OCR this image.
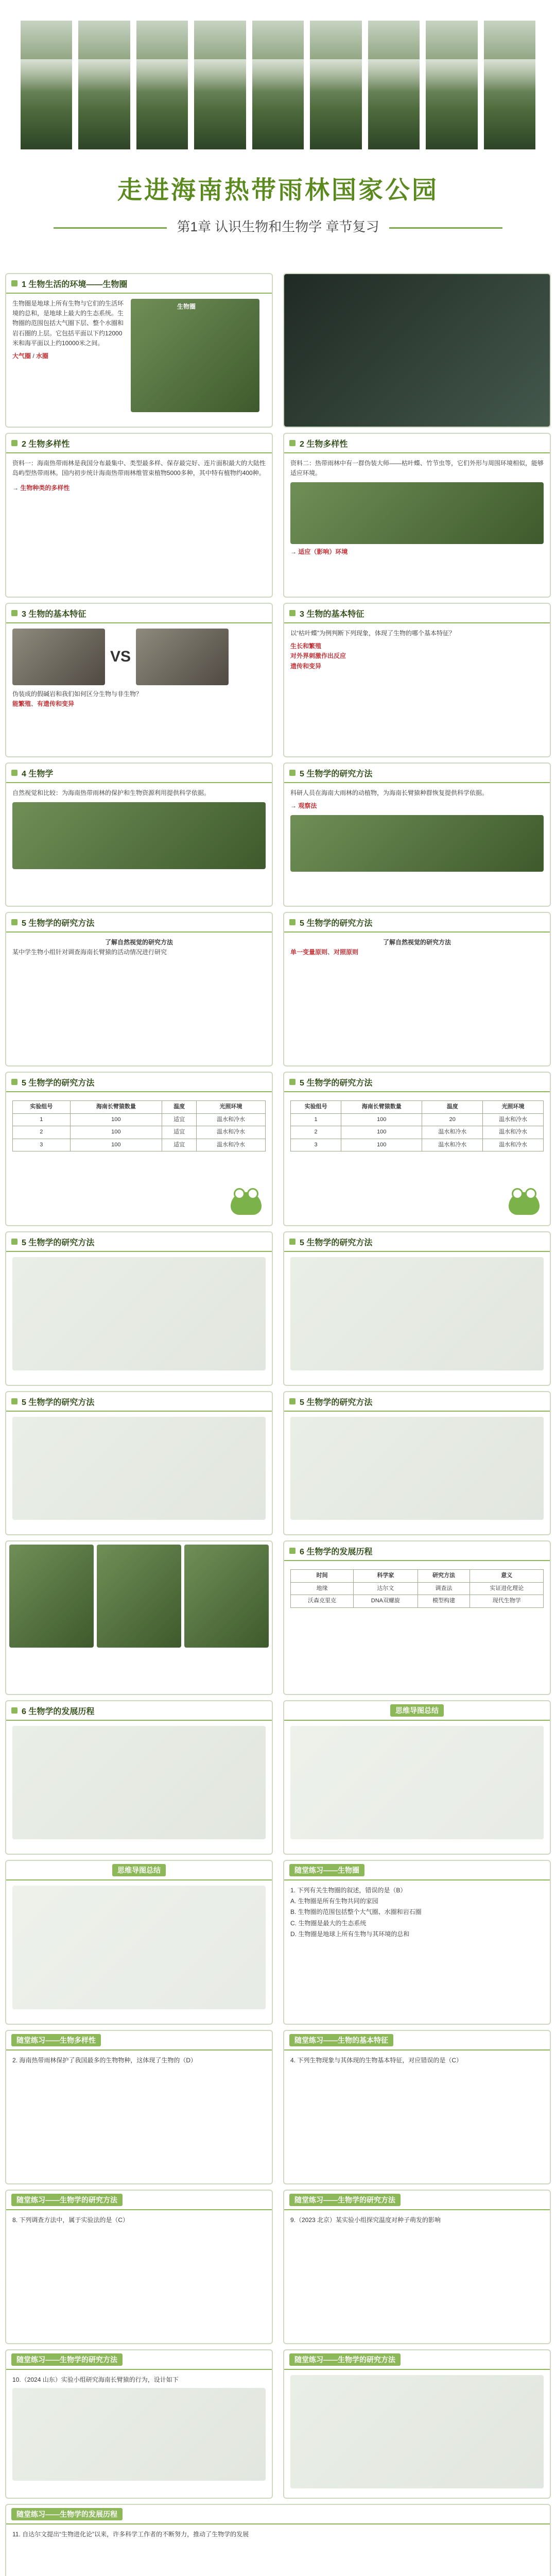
走进海南热带雨林国家公园
第1章 认识生物和生物学 章节复习
1 生物生活的环境——生物圈
生物圈是地球上所有生物与它们的生活环境的总和，是地球上最大的生态系统。生物圈的范围包括大气圈下层、整个水圈和岩石圈的上层。它包括平面以下约12000米和海平面以上约10000米之间。
大气圈 / 水圈
生物圈
2 生物多样性
资料一：海南热带雨林是我国分布最集中、类型最多样、保存最完好、连片面积最大的大陆性岛屿型热带雨林。国内初步统计海南热带雨林维管束植物5000多种，其中特有植物约400种。
→ 生物种类的多样性
2 生物多样性
资料二：热带雨林中有一群伪装大师——枯叶蝶、竹节虫等，它们外形与周围环境相似，能够适应环境。
→ 适应（影响）环境
3 生物的基本特征
VS
伪装成的假碱岩和我们如何区分生物与非生物？
能繁殖、有遗传和变异
3 生物的基本特征
以“枯叶蝶”为例判断下列现象，体现了生物的哪个基本特征？
生长和繁殖
对外界刺激作出反应
遗传和变异
4 生物学
自然视觉和比较：为海南热带雨林的保护和生物资源利用提供科学依据。
5 生物学的研究方法
科研人员在海南大雨林的动植物，为海南长臂猿种群恢复提供科学依据。
→ 观察法
5 生物学的研究方法
了解自然视觉的研究方法
某中学生物小组针对调查海南长臂猿的活动情况进行研究
5 生物学的研究方法
了解自然视觉的研究方法
单一变量原则、对照原则
5 生物学的研究方法
实验组号	海南长臂猿数量	温度	光照环境
1	100	适宜	温水和冷水
2	100	适宜	温水和冷水
3	100	适宜	温水和冷水
5 生物学的研究方法
实验组号	海南长臂猿数量	温度	光照环境
1	100	20	温水和冷水
2	100	温水和冷水	温水和冷水
3	100	温水和冷水	温水和冷水
5 生物学的研究方法	5 生物学的研究方法
5 生物学的研究方法	5 生物学的研究方法
6 生物学的发展历程
时间	科学家	研究方法	意义
地缘	达尔文	调查法	实证进化理论
沃森克里克	DNA双螺旋	模型构建	现代生物学
6 生物学的发展历程	思维导图总结
思维导图总结	随堂练习——生物圈
1. 下列有关生物圈的叙述，错误的是（B）
A. 生物圈是所有生物共同的家园
B. 生物圈的范围包括整个大气圈、水圈和岩石圈
C. 生物圈是最大的生态系统
D. 生物圈是地球上所有生物与其环境的总和
随堂练习——生物多样性
2. 海南热带雨林保护了我国最多的生物物种，这体现了生物的（D）
随堂练习——生物的基本特征
4. 下列生物现象与其体现的生物基本特征，对应错误的是（C）
随堂练习——生物学的研究方法
8. 下列调查方法中，属于实验法的是（C）
随堂练习——生物学的研究方法
9.（2023 北京）某实验小组探究温度对种子萌发的影响
随堂练习——生物学的研究方法
10.（2024 山东）实验小组研究海南长臂猿的行为，设计如下
随堂练习——生物学的研究方法
随堂练习——生物学的发展历程
11. 自达尔文提出“生物进化论”以来，许多科学工作者的不断努力，推动了生物学的发展
